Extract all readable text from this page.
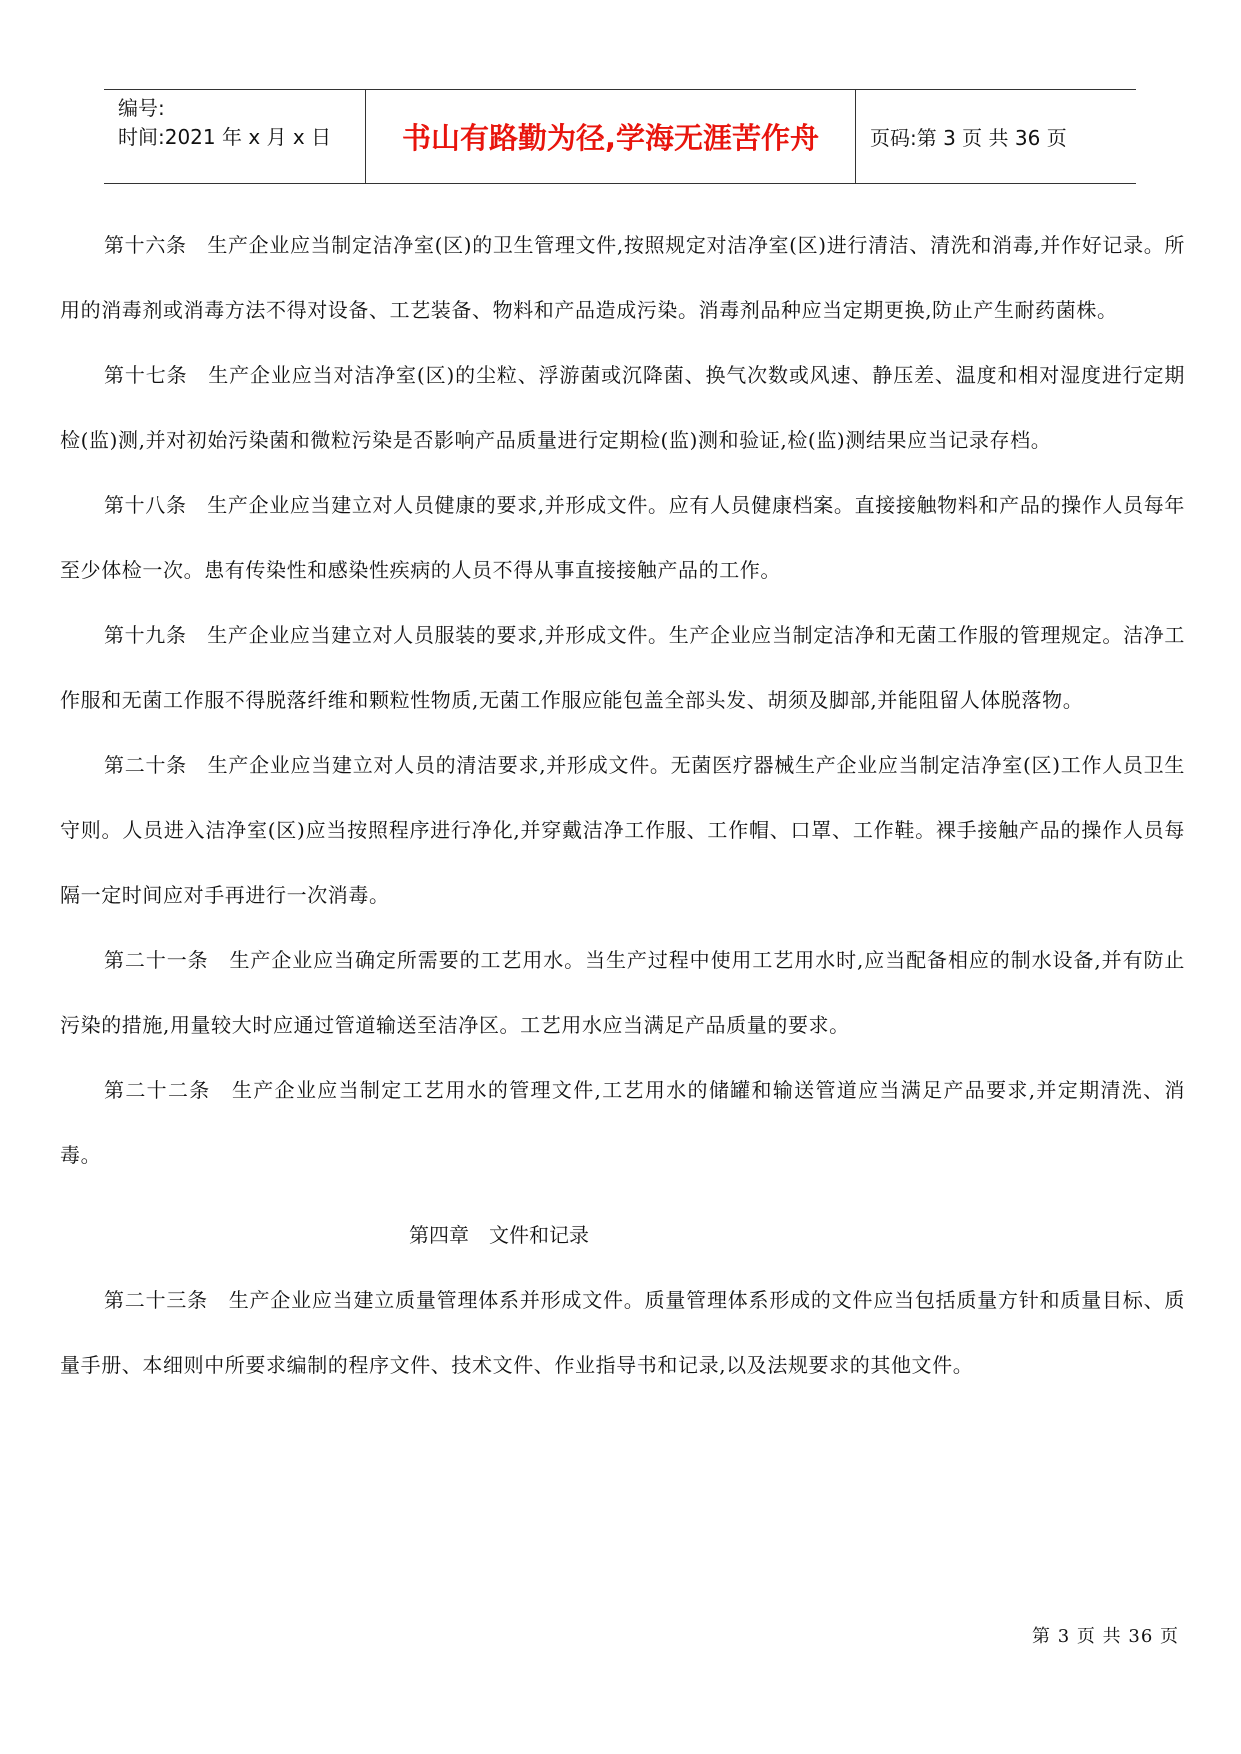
编号:
时间:2021 年 x 月 x 日 书山有路勤为径,学海无涯苦作舟	页码:第 3 页 共 36 页

第十六条　生产企业应当制定洁净室(区)的卫生管理文件,按照规定对洁净室(区)进行清洁、清洗和消毒,并作好记录。所用的消毒剂或消毒方法不得对设备、工艺装备、物料和产品造成污染。消毒剂品种应当定期更换,防止产生耐药菌株。

第十七条　生产企业应当对洁净室(区)的尘粒、浮游菌或沉降菌、换气次数或风速、静压差、温度和相对湿度进行定期检(监)测,并对初始污染菌和微粒污染是否影响产品质量进行定期检(监)测和验证,检(监)测结果应当记录存档。

第十八条　生产企业应当建立对人员健康的要求,并形成文件。应有人员健康档案。直接接触物料和产品的操作人员每年至少体检一次。患有传染性和感染性疾病的人员不得从事直接接触产品的工作。

第十九条　生产企业应当建立对人员服装的要求,并形成文件。生产企业应当制定洁净和无菌工作服的管理规定。洁净工作服和无菌工作服不得脱落纤维和颗粒性物质,无菌工作服应能包盖全部头发、胡须及脚部,并能阻留人体脱落物。

第二十条　生产企业应当建立对人员的清洁要求,并形成文件。无菌医疗器械生产企业应当制定洁净室(区)工作人员卫生守则。人员进入洁净室(区)应当按照程序进行净化,并穿戴洁净工作服、工作帽、口罩、工作鞋。裸手接触产品的操作人员每隔一定时间应对手再进行一次消毒。

第二十一条　生产企业应当确定所需要的工艺用水。当生产过程中使用工艺用水时,应当配备相应的制水设备,并有防止污染的措施,用量较大时应通过管道输送至洁净区。工艺用水应当满足产品质量的要求。

第二十二条　生产企业应当制定工艺用水的管理文件,工艺用水的储罐和输送管道应当满足产品要求,并定期清洗、消毒。

第四章　文件和记录

第二十三条　生产企业应当建立质量管理体系并形成文件。质量管理体系形成的文件应当包括质量方针和质量目标、质量手册、本细则中所要求编制的程序文件、技术文件、作业指导书和记录,以及法规要求的其他文件。

第 3 页 共 36 页
